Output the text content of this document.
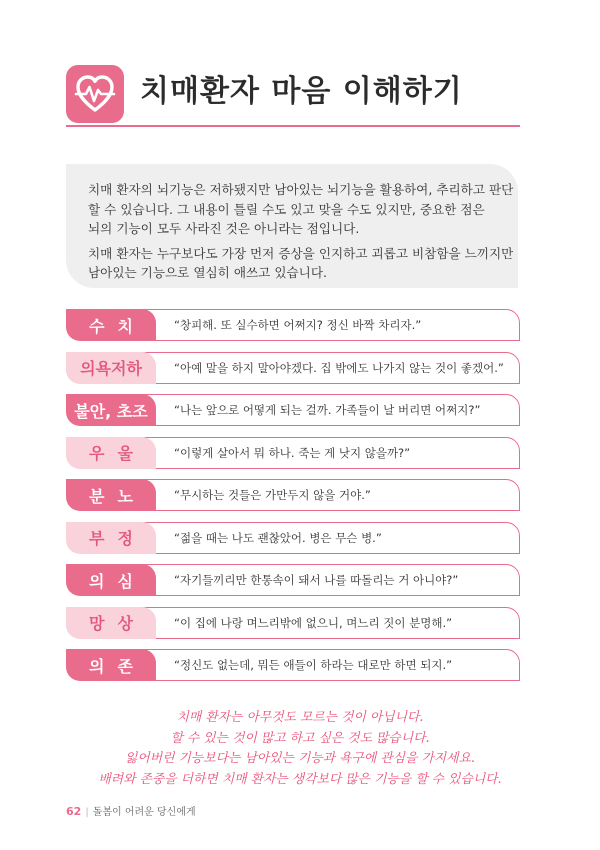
치매환자 마음 이해하기

치매 환자의 뇌기능은 저하됐지만 남아있는 뇌기능을 활용하여, 추리하고 판단
할 수 있습니다. 그 내용이 틀릴 수도 있고 맞을 수도 있지만, 중요한 점은
뇌의 기능이 모두 사라진 것은 아니라는 점입니다.

치매 환자는 누구보다도 가장 먼저 증상을 인지하고 괴롭고 비참함을 느끼지만
남아있는 기능으로 열심히 애쓰고 있습니다.

수 치	“창피해. 또 실수하면 어쩌지? 정신 바짝 차리자.”
의욕저하	“아예 말을 하지 말아야겠다. 집 밖에도 나가지 않는 것이 좋겠어.”
불안, 초조 “나는 앞으로 어떻게 되는 걸까. 가족들이 날 버리면 어쩌지?”
우 울	“이렇게 살아서 뭐 하나. 죽는 게 낫지 않을까?”
분 노	“무시하는 것들은 가만두지 않을 거야.”
부 정	“젊을 때는 나도 괜찮았어. 병은 무슨 병.”
의 심	“자기들끼리만 한통속이 돼서 나를 따돌리는 거 아니야?”
망 상	“이 집에 나랑 며느리밖에 없으니, 며느리 짓이 분명해.”
의 존	“정신도 없는데, 뭐든 애들이 하라는 대로만 하면 되지.”

치매 환자는 아무것도 모르는 것이 아닙니다.

할 수 있는 것이 많고 하고 싶은 것도 많습니다.

잃어버린 기능보다는 남아있는 기능과 욕구에 관심을 가지세요.

배려와 존중을 더하면 치매 환자는 생각보다 많은 기능을 할 수 있습니다.

62 | 돌봄이 어려운 당신에게
